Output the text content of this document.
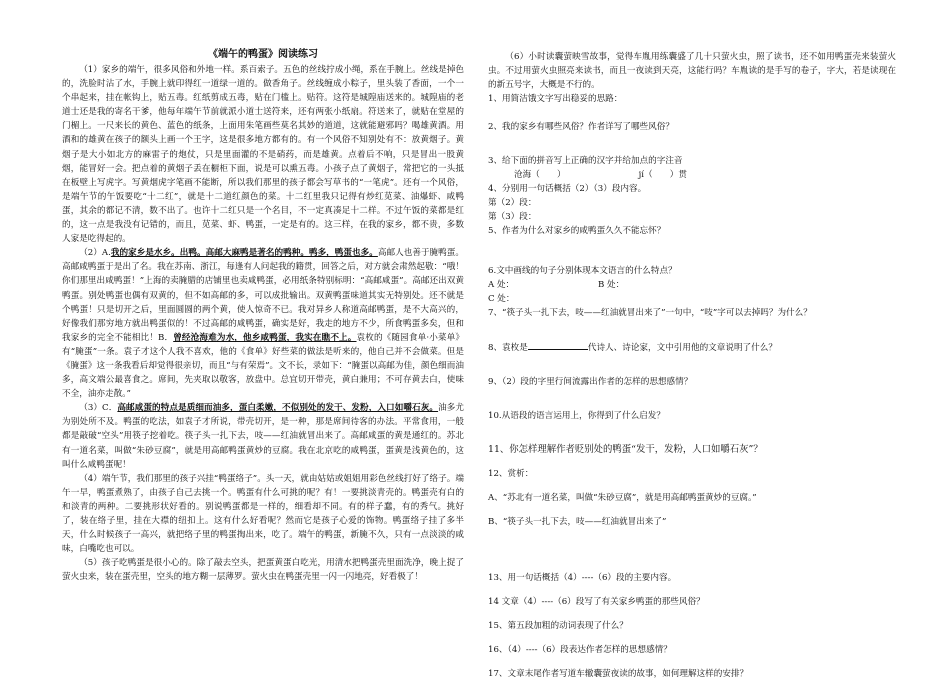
《端午的鸭蛋》阅读练习

（1）家乡的端午，很多风俗和外地一样。系百索子。五色的丝线拧成小绳，系在手腕上。丝线是掉色的，洗脸时沾了水，手腕上就印得红一道绿一道的。做香角子。丝线缠成小粽子，里头装了香面，一个一个串起来，挂在帐钩上，贴五毒。红纸剪成五毒，贴在门槛上。贴符。这符是城隍庙送来的。城隍庙的老道士还是我的寄名干爹，他每年端午节前就派小道士送符来，还有两张小纸扇。符送来了，就贴在堂屋的门楣上。一尺来长的黄色、蓝色的纸条，上面用朱笔画些莫名其妙的道道，这就能避邪吗？喝雄黄酒。用酒和的雄黄在孩子的额头上画一个王字，这是很多地方都有的。有一个风俗不知别处有不：放黄烟子。黄烟子是大小如北方的麻雷子的炮仗，只是里面灌的不是硝药，而是雄黄。点着后不响，只是冒出一股黄烟，能冒好一会。把点着的黄烟子丢在橱柜下面，说是可以熏五毒。小孩子点了黄烟子，常把它的一头抵在板壁上写虎字。写黄烟虎字笔画不能断，所以我们那里的孩子都会写草书的“一笔虎”。还有一个风俗，是端午节的午饭要吃“十二红”，就是十二道红颜色的菜。十二红里我只记得有炒红苋菜、油爆虾、咸鸭蛋，其余的都记不清，数不出了。也许十二红只是一个名目，不一定真凑足十二样。不过午饭的菜都是红的，这一点是我没有记错的，而且，苋菜、虾、鸭蛋，一定是有的。这三样，在我的家乡，都不贵，多数人家是吃得起的。

（2）A.我的家乡是水乡。出鸭。高邮大麻鸭是著名的鸭种。鸭多，鸭蛋也多。高邮人也善于腌鸭蛋。高邮咸鸭蛋于是出了名。我在苏南、浙江，每逢有人问起我的籍贯，回答之后，对方就会肃然起敬：“哦！你们那里出咸鸭蛋！”上海的卖腌腊的店铺里也卖咸鸭蛋，必用纸条特别标明：“高邮咸蛋”。高邮还出双黄鸭蛋。别处鸭蛋也偶有双黄的，但不如高邮的多，可以成批输出。双黄鸭蛋味道其实无特别处。还不就是个鸭蛋！只是切开之后，里面圆圆的两个黄，使人惊奇不已。我对异乡人称道高邮鸭蛋，是不大高兴的，好像我们那穷地方就出鸭蛋似的！不过高邮的咸鸭蛋，确实是好，我走的地方不少，所食鸭蛋多矣，但和我家乡的完全不能相比！B．曾经沧海难为水，他乡咸鸭蛋，我实在瞧不上。袁枚的《随园食单·小菜单》有“腌蛋”一条。袁子才这个人我不喜欢，他的《食单》好些菜的做法是听来的，他自己并不会做菜。但是《腌蛋》这一条我看后却觉得很亲切，而且“与有荣焉”。文不长，录如下：“腌蛋以高邮为佳，颜色细而油多，高文端公最喜食之。席间，先夹取以敬客，放盘中。总宜切开带壳，黄白兼用；不可存黄去白，使味不全，油亦走散。”

（3）C．高邮咸蛋的特点是质细而油多，蛋白柔嫩，不似别处的发干、发粉，入口如嚼石灰。油多尤为别处所不及。鸭蛋的吃法，如袁子才所说，带壳切开，是一种，那是席间待客的办法。平常食用，一般都是敲破“空头”用筷子挖着吃。筷子头一扎下去，吱——红油就冒出来了。高邮咸蛋的黄是通红的。苏北有一道名菜，叫做“朱砂豆腐”，就是用高邮鸭蛋黄炒的豆腐。我在北京吃的咸鸭蛋，蛋黄是浅黄色的，这叫什么咸鸭蛋呢！

（4）端午节，我们那里的孩子兴挂“鸭蛋络子”。头一天，就由姑姑或姐姐用彩色丝线打好了络子。端午一早，鸭蛋煮熟了，由孩子自己去挑一个。鸭蛋有什么可挑的呢？有！一要挑淡青壳的。鸭蛋壳有白的和淡青的两种。二要挑形状好看的。别说鸭蛋都是一样的，细看却不同。有的样子蠢，有的秀气。挑好了，装在络子里，挂在大襟的纽扣上。这有什么好看呢？然而它是孩子心爱的饰物。鸭蛋络子挂了多半天，什么时候孩子一高兴，就把络子里的鸭蛋掏出来，吃了。端午的鸭蛋，新腌不久，只有一点淡淡的咸味，白嘴吃也可以。

（5）孩子吃鸭蛋是很小心的。除了敲去空头，把蛋黄蛋白吃光，用清水把鸭蛋壳里面洗净，晚上捉了萤火虫来，装在蛋壳里，空头的地方糊一层薄罗。萤火虫在鸭蛋壳里一闪一闪地亮，好看极了！

（6）小时读囊萤映雪故事，觉得车胤用练囊盛了几十只萤火虫，照了读书，还不如用鸭蛋壳来装萤火虫。不过用萤火虫照亮来读书，而且一夜读到天亮，这能行吗？车胤读的是手写的卷子，字大，若是读现在的新五号字，大概是不行的。

1、用简洁饿文字写出稳妥的思路：
2、我的家乡有哪些风俗？作者详写了哪些风俗？
3、给下面的拼音写上正确的汉字并给加点的字注音
沧海（　　）　　　　　　　　　jí（　　）贯
4、分别用一句话概括（2）（3）段内容。
第（2）段：
第（3）段：
5、作者为什么对家乡的咸鸭蛋久久不能忘怀？
6.文中画线的句子分别体现本文语言的什么特点？
A 处：	B 处：
C 处：
7、“筷子头一扎下去，吱——红油就冒出来了”一句中，“吱”字可以去掉吗？为什么？
8、袁枚是	代诗人、诗论家，文中引用他的文章说明了什么？
9、（2）段的字里行间流露出作者的怎样的思想感情？
10.从语段的语言运用上，你得到了什么启发？
11、你怎样理解作者贬别处的鸭蛋“发干，发粉，人口如嚼石灰”？
12、赏析：
A、“苏北有一道名菜，叫做“朱砂豆腐”，就是用高邮鸭蛋黄炒的豆腐。”
B、“筷子头一扎下去，吱——红油就冒出来了”
13、用一句话概括（4）----（6）段的主要内容。
14 文章（4）----（6）段写了有关家乡鸭蛋的那些风俗？
15、第五段加粗的动词表现了什么？
16、（4）----（6）段表达作者怎样的思想感情？
17、文章末尾作者写道车辙囊萤夜读的故事，如何理解这样的安排？
